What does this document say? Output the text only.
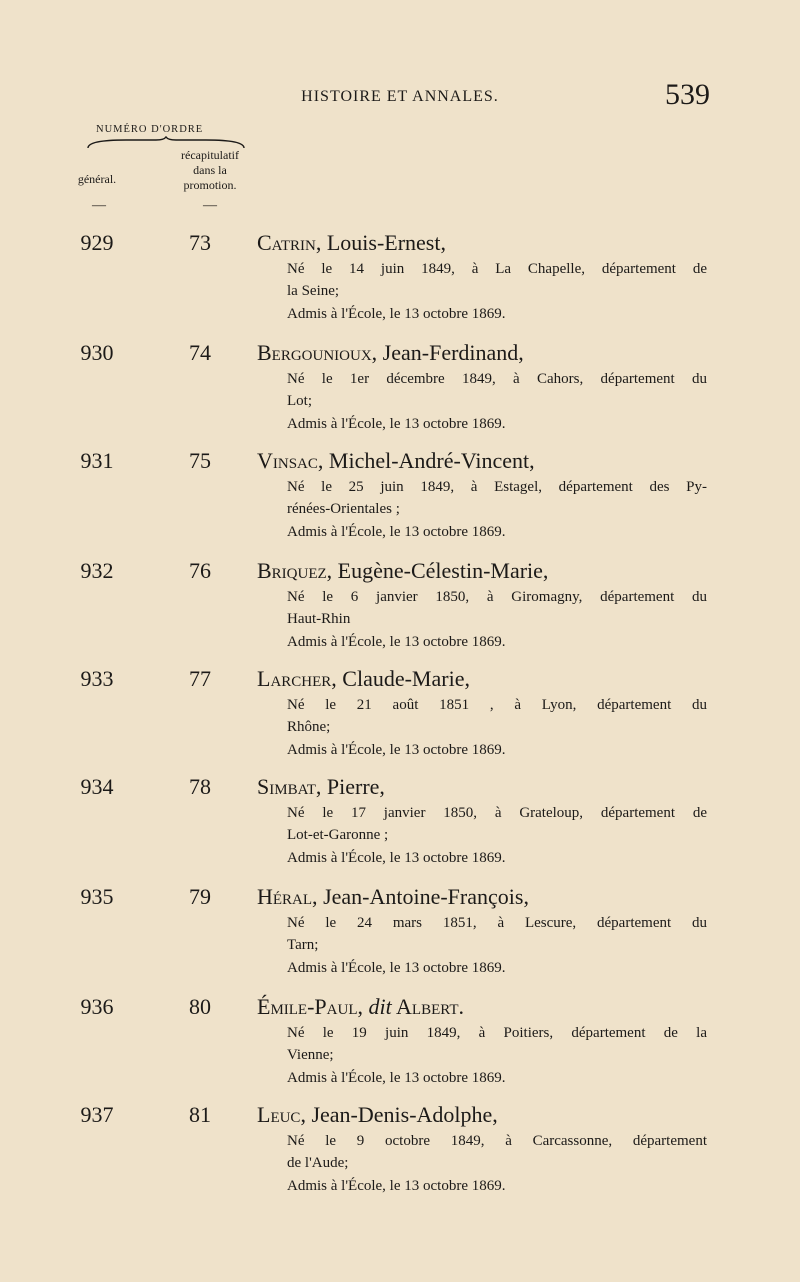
HISTOIRE ET ANNALES.	539
NUMÉRO D'ORDRE
récapitulatif
dans la
promotion.
général.
—	—
929	73	Catrin, Louis-Ernest,
Né le 14 juin 1849, à La Chapelle, département de
la Seine;
Admis à l'École, le 13 octobre 1869.
930	74	Bergounioux, Jean-Ferdinand,
Né le 1er décembre 1849, à Cahors, département du
Lot;
Admis à l'École, le 13 octobre 1869.
931	75	Vinsac, Michel-André-Vincent,
Né le 25 juin 1849, à Estagel, département des Py-
rénées-Orientales ;
Admis à l'École, le 13 octobre 1869.
932	76	Briquez, Eugène-Célestin-Marie,
Né le 6 janvier 1850, à Giromagny, département du
Haut-Rhin
Admis à l'École, le 13 octobre 1869.
933	77	Larcher, Claude-Marie,
Né le 21 août 1851 , à Lyon, département du
Rhône;
Admis à l'École, le 13 octobre 1869.
934	78	Simbat, Pierre,
Né le 17 janvier 1850, à Grateloup, département de
Lot-et-Garonne ;
Admis à l'École, le 13 octobre 1869.
935	79	Héral, Jean-Antoine-François,
Né le 24 mars 1851, à Lescure, département du
Tarn;
Admis à l'École, le 13 octobre 1869.
936	80	Émile-Paul, dit Albert.
Né le 19 juin 1849, à Poitiers, département de la
Vienne;
Admis à l'École, le 13 octobre 1869.
937	81	Leuc, Jean-Denis-Adolphe,
Né le 9 octobre 1849, à Carcassonne, département
de l'Aude;
Admis à l'École, le 13 octobre 1869.
